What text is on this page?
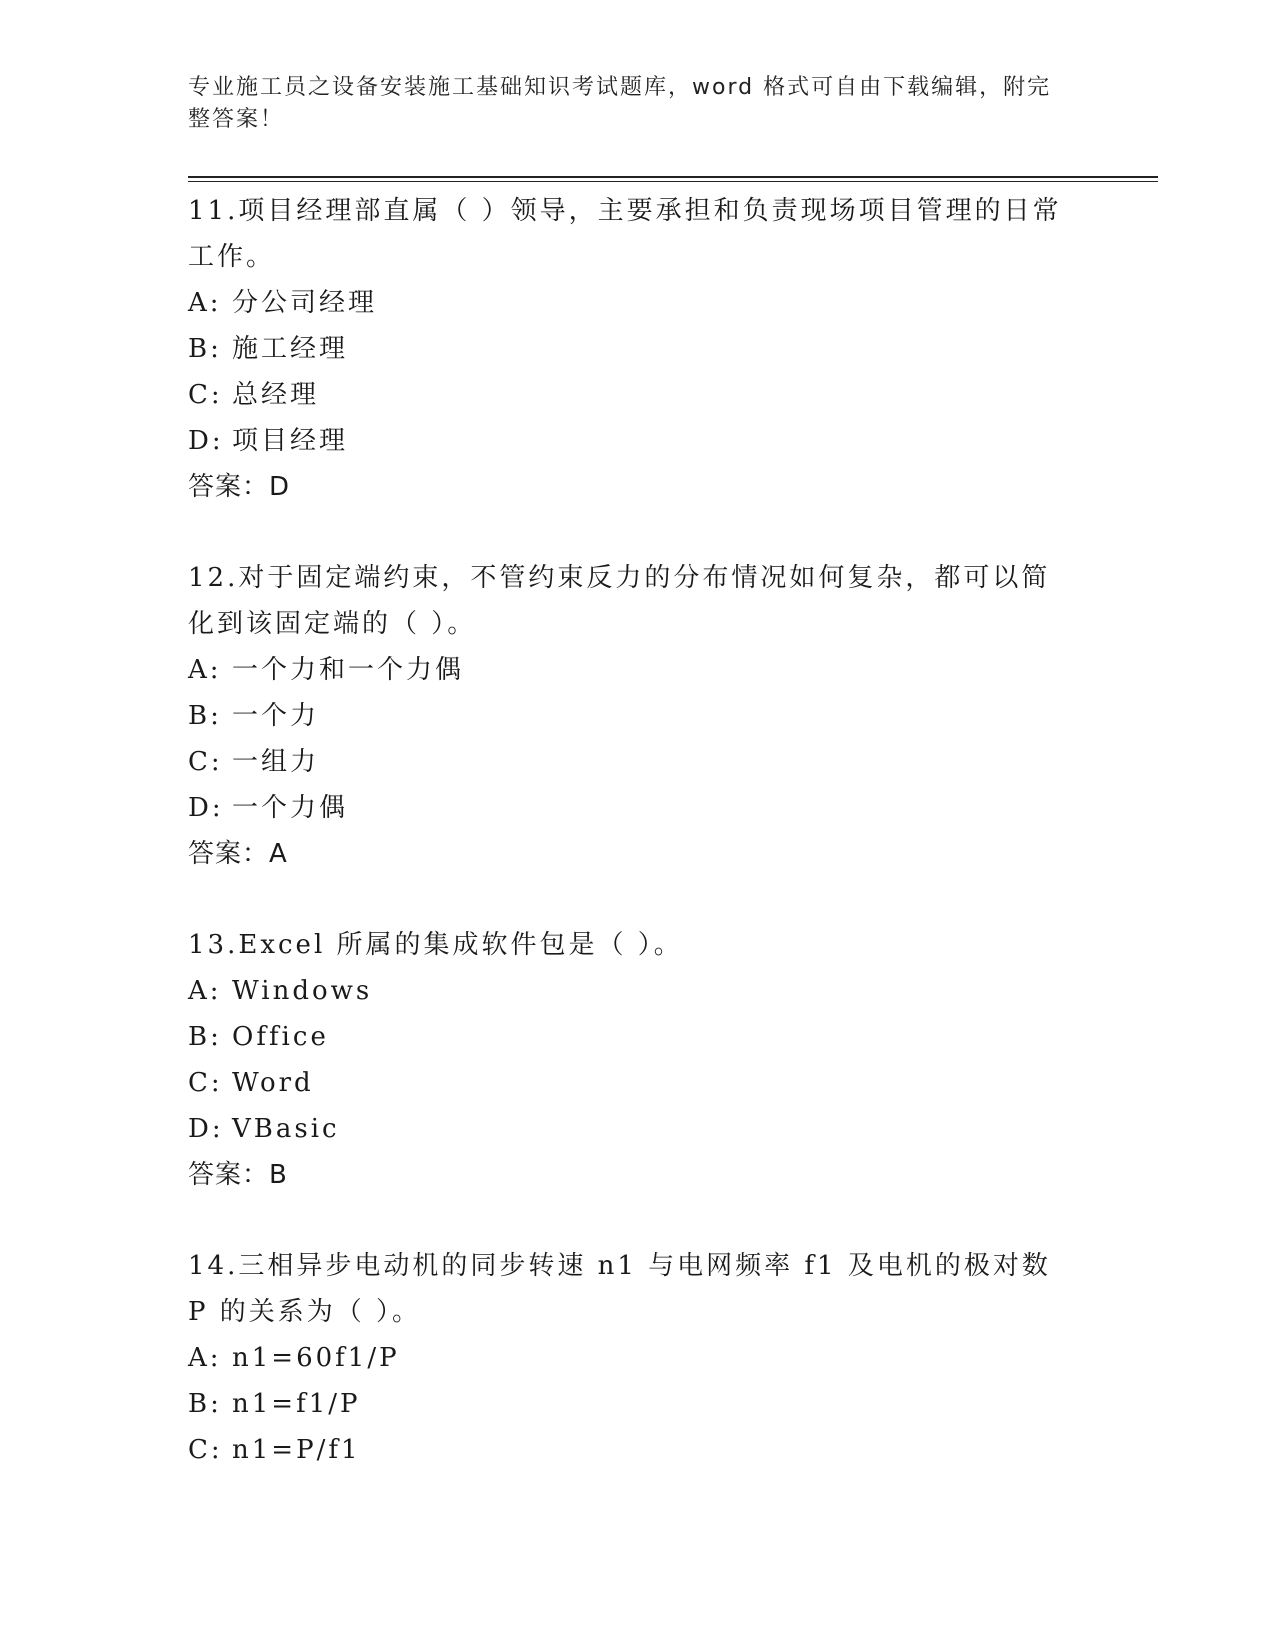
专业施工员之设备安装施工基础知识考试题库，word 格式可自由下载编辑，附完整答案！
11.项目经理部直属（ ）领导，主要承担和负责现场项目管理的日常工作。
A: 分公司经理
B: 施工经理
C: 总经理
D: 项目经理
答案：D
12.对于固定端约束，不管约束反力的分布情况如何复杂，都可以简化到该固定端的（ ）。
A: 一个力和一个力偶
B: 一个力
C: 一组力
D: 一个力偶
答案：A
13.Excel 所属的集成软件包是（ ）。
A: Windows
B: Office
C: Word
D: VBasic
答案：B
14.三相异步电动机的同步转速 n1 与电网频率 f1 及电机的极对数 P 的关系为（ ）。
A: n1=60f1/P
B: n1=f1/P
C: n1=P/f1
